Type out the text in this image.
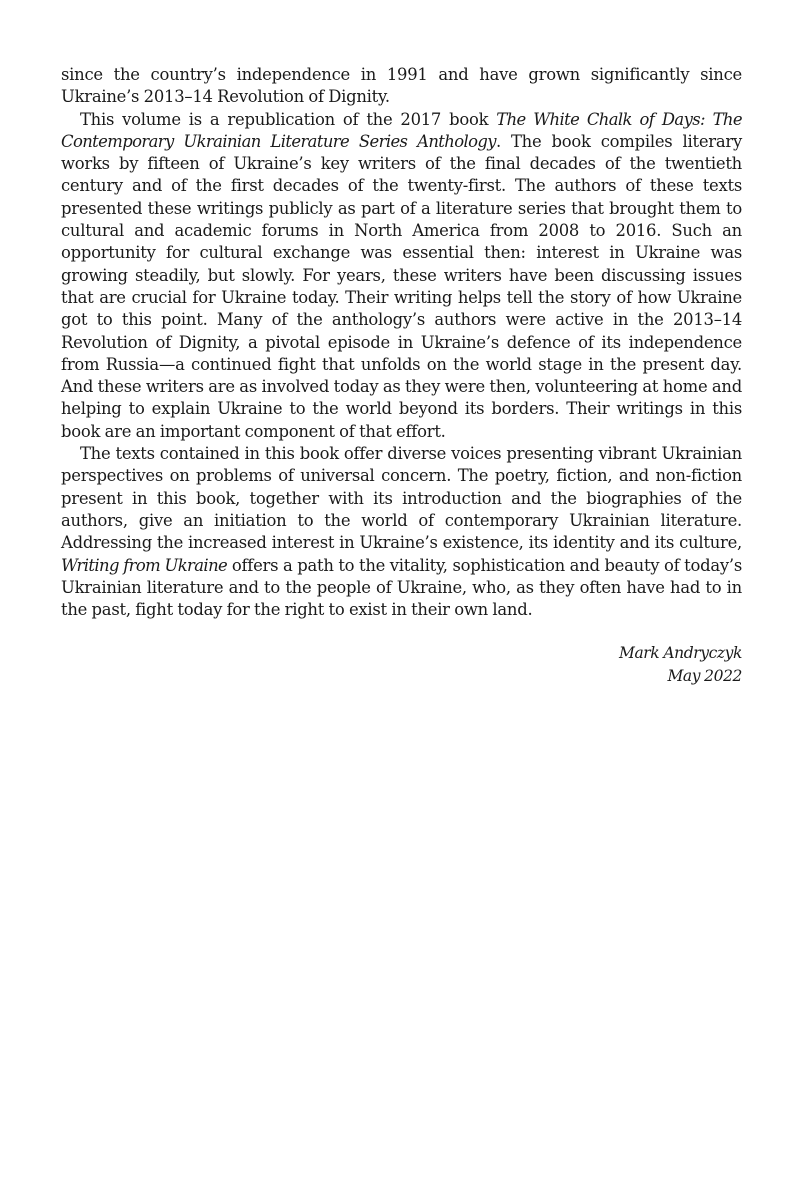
since the country’s independence in 1991 and have grown significantly since Ukraine’s 2013–14 Revolution of Dignity.

This volume is a republication of the 2017 book The White Chalk of Days: The Contemporary Ukrainian Literature Series Anthology. The book compiles literary works by fifteen of Ukraine’s key writers of the final decades of the twentieth century and of the first decades of the twenty-first. The authors of these texts presented these writings publicly as part of a literature series that brought them to cultural and academic forums in North America from 2008 to 2016. Such an opportunity for cultural exchange was essential then: interest in Ukraine was growing steadily, but slowly. For years, these writers have been discussing issues that are crucial for Ukraine today. Their writing helps tell the story of how Ukraine got to this point. Many of the anthology’s authors were active in the 2013–14 Revolution of Dignity, a pivotal episode in Ukraine’s defence of its independence from Russia—a continued fight that unfolds on the world stage in the present day. And these writers are as involved today as they were then, volunteering at home and helping to explain Ukraine to the world beyond its borders. Their writings in this book are an important component of that effort.

The texts contained in this book offer diverse voices presenting vibrant Ukrainian perspectives on problems of universal concern. The poetry, fiction, and non-fiction present in this book, together with its introduction and the biographies of the authors, give an initiation to the world of contemporary Ukrainian literature. Addressing the increased interest in Ukraine’s existence, its identity and its culture, Writing from Ukraine offers a path to the vitality, sophistication and beauty of today’s Ukrainian literature and to the people of Ukraine, who, as they often have had to in the past, fight today for the right to exist in their own land.

Mark Andryczyk
May 2022
